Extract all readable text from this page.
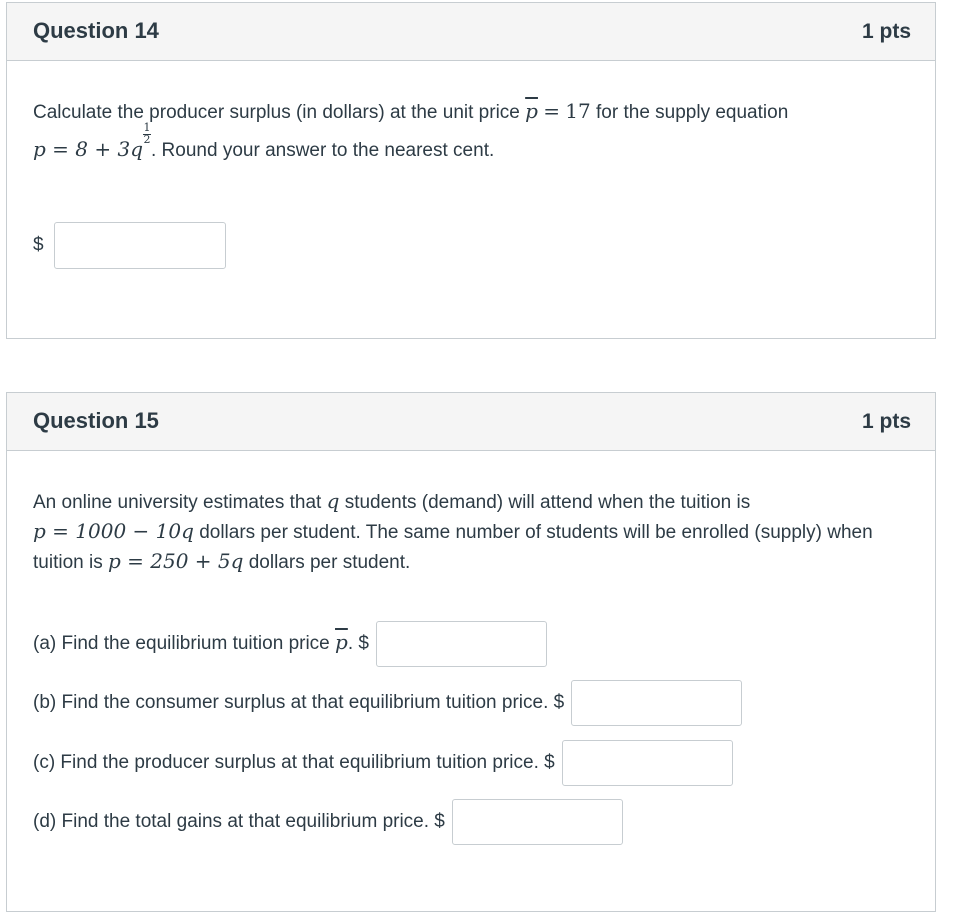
Question 14	1 pts
Calculate the producer surplus (in dollars) at the unit price $\overline{p} = 17$ for the supply equation
p = 8 + 3q
$\frac{1}{2}$
. Round your answer to the nearest cent.
$
Question 15	1 pts
An online university estimates that q students (demand) will attend when the tuition is
p = 1000 − 10q dollars per student. The same number of students will be enrolled (supply) when
tuition is p = 250 + 5q dollars per student.
(a) Find the equilibrium tuition price $\overline{p}$. $
(b) Find the consumer surplus at that equilibrium tuition price. $
(c) Find the producer surplus at that equilibrium tuition price. $
(d) Find the total gains at that equilibrium price. $
